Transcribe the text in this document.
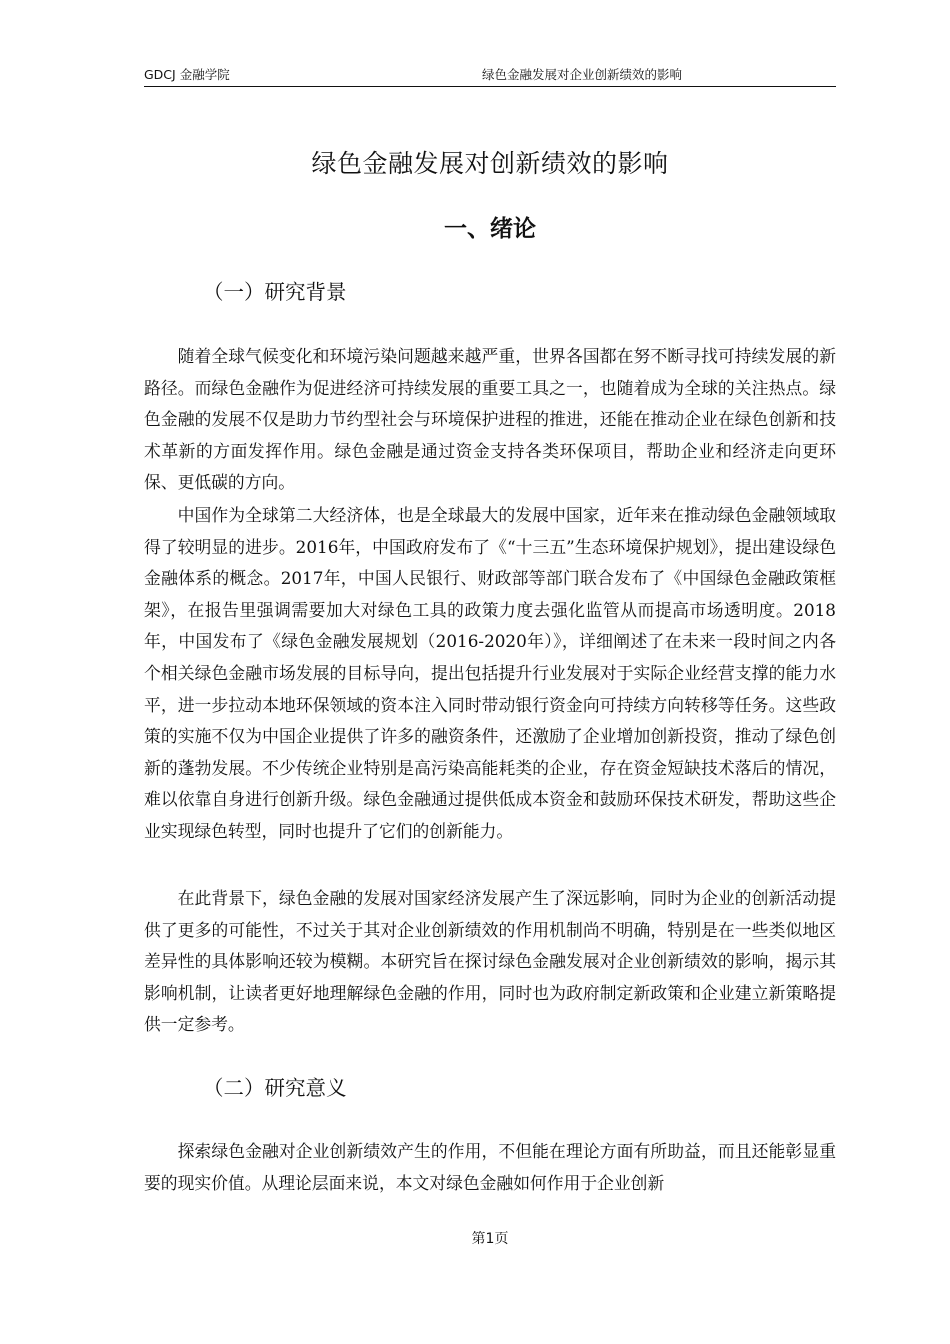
GDCJ 金融学院	绿色金融发展对企业创新绩效的影响
绿色金融发展对创新绩效的影响
一、绪论
（一）研究背景

随着全球气候变化和环境污染问题越来越严重，世界各国都在努不断寻找可持续发展的新路径。而绿色金融作为促进经济可持续发展的重要工具之一，也随着成为全球的关注热点。绿色金融的发展不仅是助力节约型社会与环境保护进程的推进，还能在推动企业在绿色创新和技术革新的方面发挥作用。绿色金融是通过资金支持各类环保项目，帮助企业和经济走向更环保、更低碳的方向。

中国作为全球第二大经济体，也是全球最大的发展中国家，近年来在推动绿色金融领域取得了较明显的进步。2016年，中国政府发布了《“十三五”生态环境保护规划》，提出建设绿色金融体系的概念。2017年，中国人民银行、财政部等部门联合发布了《中国绿色金融政策框架》，在报告里强调需要加大对绿色工具的政策力度去强化监管从而提高市场透明度。2018年，中国发布了《绿色金融发展规划（2016-2020年）》，详细阐述了在未来一段时间之内各个相关绿色金融市场发展的目标导向，提出包括提升行业发展对于实际企业经营支撑的能力水平，进一步拉动本地环保领域的资本注入同时带动银行资金向可持续方向转移等任务。这些政策的实施不仅为中国企业提供了许多的融资条件，还激励了企业增加创新投资，推动了绿色创新的蓬勃发展。不少传统企业特别是高污染高能耗类的企业，存在资金短缺技术落后的情况，难以依靠自身进行创新升级。绿色金融通过提供低成本资金和鼓励环保技术研发，帮助这些企业实现绿色转型，同时也提升了它们的创新能力。

在此背景下，绿色金融的发展对国家经济发展产生了深远影响，同时为企业的创新活动提供了更多的可能性，不过关于其对企业创新绩效的作用机制尚不明确，特别是在一些类似地区差异性的具体影响还较为模糊。本研究旨在探讨绿色金融发展对企业创新绩效的影响，揭示其影响机制，让读者更好地理解绿色金融的作用，同时也为政府制定新政策和企业建立新策略提供一定参考。

（二）研究意义

探索绿色金融对企业创新绩效产生的作用，不但能在理论方面有所助益，而且还能彰显重要的现实价值。从理论层面来说，本文对绿色金融如何作用于企业创新

第1页
